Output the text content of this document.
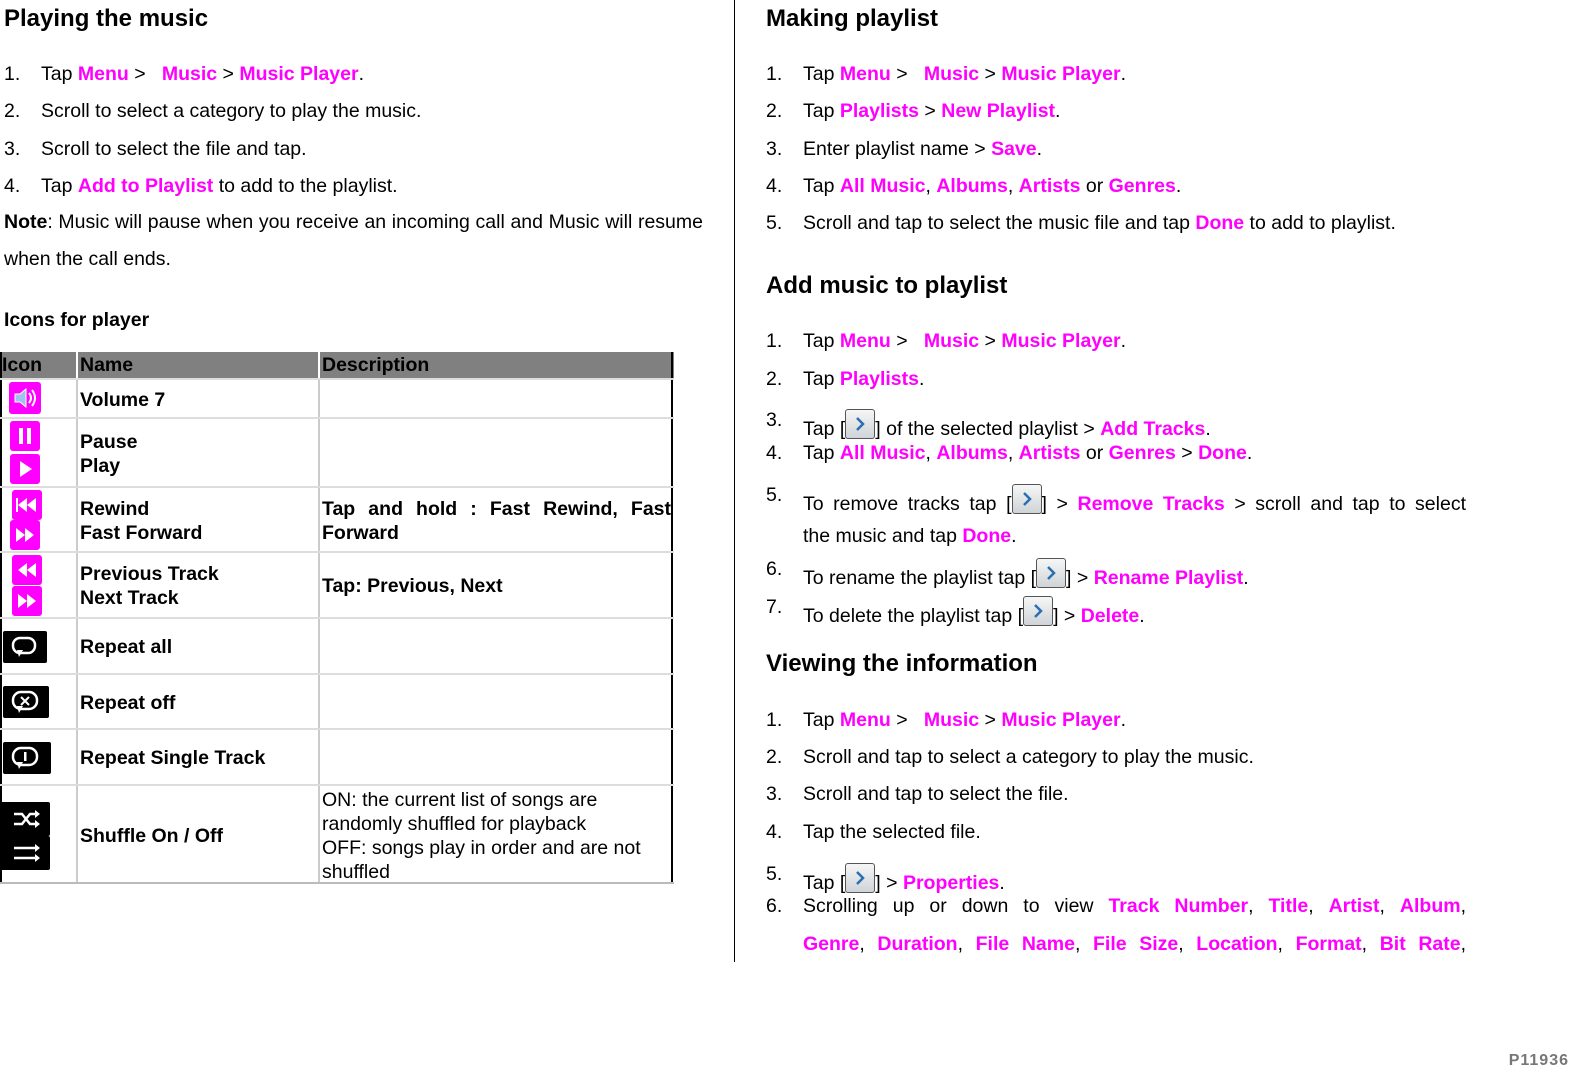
Playing the music
1. Tap Menu >   Music > Music Player.
2. Scroll to select a category to play the music.
3. Scroll to select the file and tap.
4. Tap Add to Playlist to add to the playlist.
Note: Music will pause when you receive an incoming call and Music will resume when the call ends.
Icons for player
Icon	Name	Description
Volume 7
Pause
Play
Rewind
Fast Forward
Tap and hold : Fast Rewind, Fast Forward
Previous Track
Next Track
Tap: Previous, Next
Repeat all
Repeat off
Repeat Single Track
Shuffle On / Off
ON: the current list of songs are randomly shuffled for playback
OFF: songs play in order and are not shuffled
Making playlist
1. Tap Menu >   Music > Music Player.
2. Tap Playlists > New Playlist.
3. Enter playlist name > Save.
4. Tap All Music, Albums, Artists or Genres.
5. Scroll and tap to select the music file and tap Done to add to playlist.
Add music to playlist
1. Tap Menu >   Music > Music Player.
2. Tap Playlists.
3. Tap [ ] of the selected playlist > Add Tracks.
4. Tap All Music, Albums, Artists or Genres > Done.
5. To remove tracks tap [ ] > Remove Tracks > scroll and tap to select
the music and tap Done.
6. To rename the playlist tap [ ] > Rename Playlist.
7. To delete the playlist tap [ ] > Delete.
Viewing the information
1. Tap Menu >   Music > Music Player.
2. Scroll and tap to select a category to play the music.
3. Scroll and tap to select the file.
4. Tap the selected file.
5. Tap [ ] > Properties.
6. Scrolling up or down to view Track Number, Title, Artist, Album,
Genre, Duration, File Name, File Size, Location, Format, Bit Rate,
P11936
